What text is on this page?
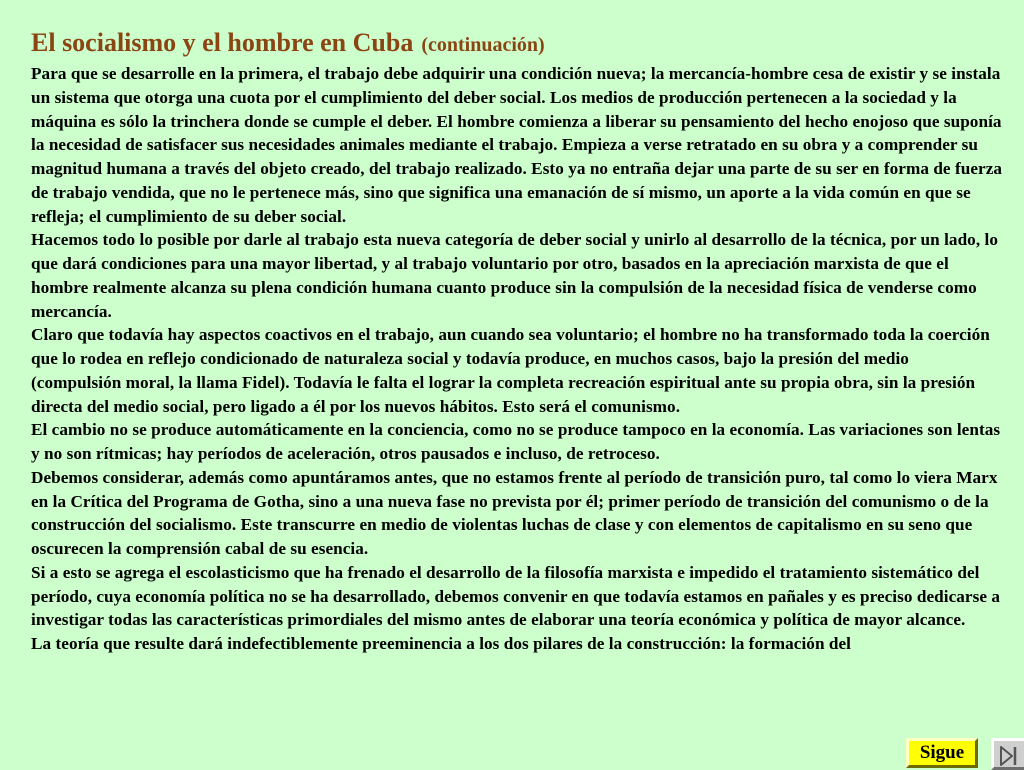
El socialismo y el hombre en Cuba (continuación)

Para que se desarrolle en la primera, el trabajo debe adquirir una condición nueva; la mercancía-hombre cesa de existir y se instala un sistema que otorga una cuota por el cumplimiento del deber social. Los medios de producción pertenecen a la sociedad y la máquina es sólo la trinchera donde se cumple el deber. El hombre comienza a liberar su pensamiento del hecho enojoso que suponía la necesidad de satisfacer sus necesidades animales mediante el trabajo. Empieza a verse retratado en su obra y a comprender su magnitud humana a través del objeto creado, del trabajo realizado. Esto ya no entraña dejar una parte de su ser en forma de fuerza de trabajo vendida, que no le pertenece más, sino que significa una emanación de sí mismo, un aporte a la vida común en que se refleja; el cumplimiento de su deber social.

Hacemos todo lo posible por darle al trabajo esta nueva categoría de deber social y unirlo al desarrollo de la técnica, por un lado, lo que dará condiciones para una mayor libertad, y al trabajo voluntario por otro, basados en la apreciación marxista de que el hombre realmente alcanza su plena condición humana cuanto produce sin la compulsión de la necesidad física de venderse como mercancía.

Claro que todavía hay aspectos coactivos en el trabajo, aun cuando sea voluntario; el hombre no ha transformado toda la coerción que lo rodea en reflejo condicionado de naturaleza social y todavía produce, en muchos casos, bajo la presión del medio (compulsión moral, la llama Fidel). Todavía le falta el lograr la completa recreación espiritual ante su propia obra, sin la presión directa del medio social, pero ligado a él por los nuevos hábitos. Esto será el comunismo.

El cambio no se produce automáticamente en la conciencia, como no se produce tampoco en la economía. Las variaciones son lentas y no son rítmicas; hay períodos de aceleración, otros pausados e incluso, de retroceso.

Debemos considerar, además como apuntáramos antes, que no estamos frente al período de transición puro, tal como lo viera Marx en la Crítica del Programa de Gotha, sino a una nueva fase no prevista por él; primer período de transición del comunismo o de la construcción del socialismo. Este transcurre en medio de violentas luchas de clase y con elementos de capitalismo en su seno que oscurecen la comprensión cabal de su esencia.

Si a esto se agrega el escolasticismo que ha frenado el desarrollo de la filosofía marxista e impedido el tratamiento sistemático del período, cuya economía política no se ha desarrollado, debemos convenir en que todavía estamos en pañales y es preciso dedicarse a investigar todas las características primordiales del mismo antes de elaborar una teoría económica y política de mayor alcance.

La teoría que resulte dará indefectiblemente preeminencia a los dos pilares de la construcción: la formación del

Sigue
